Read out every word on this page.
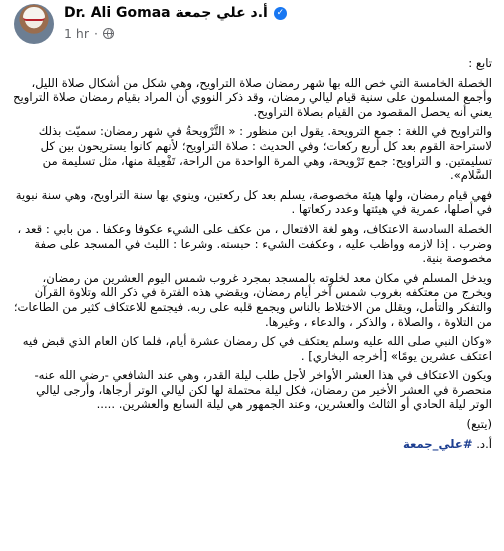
Dr. Ali Gomaa أ.د علي جمعة ✓
1 hr ·

تابع :

الخصلة الخامسة التي خص الله بها شهر رمضان صلاة التراويح، وهي شكل من أشكال صلاة الليل، وأجمع المسلمون على سنية قيام ليالي رمضان، وقد ذكر النووي أن المراد بقيام رمضان صلاة التراويح يعني أنه يحصل المقصود من القيام بصلاة التراويح.

والتراويح في اللغة : جمع الترويحة. يقول ابن منظور : « التَّرْويحةُ في شهر رمضان: سميّت بذلك لاستراحة القوم بعد كل أربع ركعات؛ وفي الحديث : صلاة التراويح؛ لأنهم كانوا يستريحون بين كل تسليمتين. و التراويح: جمع تَرْويحة، وهي المرة الواحدة من الراحة، تَفْعِيلة منها، مثل تسليمة من السَّلام».

فهي قيام رمضان، ولها هيئة مخصوصة، يسلم بعد كل ركعتين، وينوي بها سنة التراويح، وهي سنة نبوية في أصلها، عمرية في هيئتها وعدد ركعاتها .

الخصلة السادسة الاعتكاف، وهو لغة الافتعال ، من عكف على الشيء عكوفا وعكفا . من بابي : قعد ، وضرب . إذا لازمه وواظب عليه ، وعكفت الشيء : حبسته. وشرعا : اللبث في المسجد على صفة مخصوصة بنية.

ويدخل المسلم في مكان معد لخلوته بالمسجد بمجرد غروب شمس اليوم العشرين من رمضان، ويخرج من معتكفه بغروب شمس آخر أيام رمضان، ويقضي هذه الفترة في ذكر الله وتلاوة القرآن والتفكر والتأمل، ويقلل من الاختلاط بالناس ويجمع قلبه على ربه. فيجتمع للاعتكاف كثير من الطاعات؛ من التلاوة ، والصلاة ، والذكر ، والدعاء ، وغيرها.

«وكان النبي صلى الله عليه وسلم يعتكف في كل رمضان عشرة أيام، فلما كان العام الذي قبض فيه اعتكف عشرين يومًا» [أخرجه البخاري] .

ويكون الاعتكاف في هذا العشر الأواخر لأجل طلب ليلة القدر، وهي عند الشافعي -رضي الله عنه- منحصرة في العشر الأخير من رمضان، فكل ليلة محتملة لها لكن ليالي الوتر أرجاها، وأرجى ليالي الوتر ليلة الحادي أو الثالث والعشرين، وعند الجمهور هي ليلة السابع والعشرين. .....

(يتبع)

أ.د. #علي_جمعة
